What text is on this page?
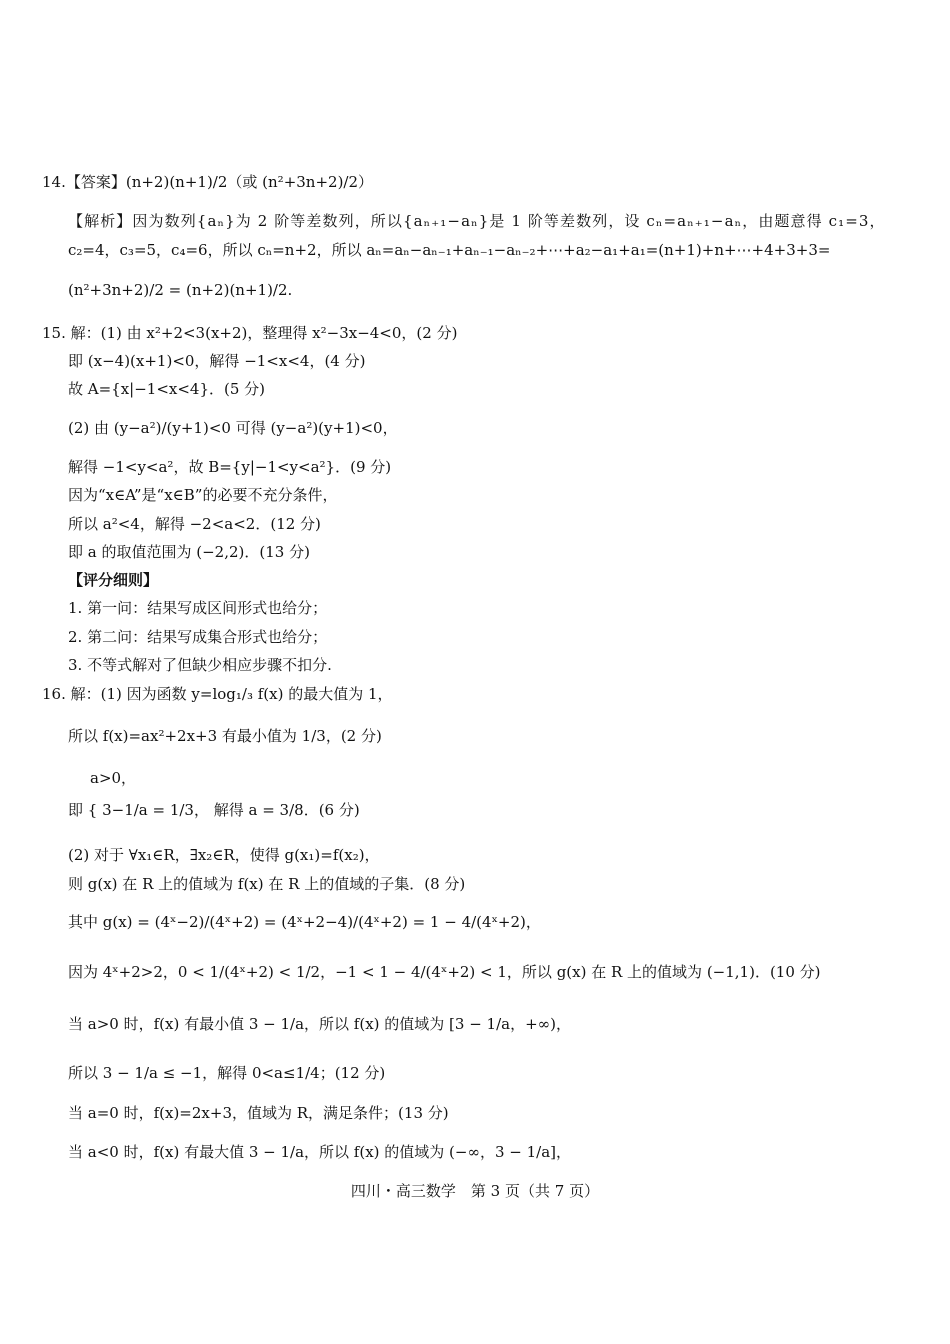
14.【答案】(n+2)(n+1)/2（或 (n²+3n+2)/2）
【解析】因为数列{aₙ}为 2 阶等差数列，所以{aₙ₊₁−aₙ}是 1 阶等差数列，设 cₙ=aₙ₊₁−aₙ，由题意得 c₁=3，
c₂=4，c₃=5，c₄=6，所以 cₙ=n+2，所以 aₙ=aₙ−aₙ₋₁+aₙ₋₁−aₙ₋₂+⋯+a₂−a₁+a₁=(n+1)+n+⋯+4+3+3=
(n²+3n+2)/2 = (n+2)(n+1)/2.
15. 解：(1) 由 x²+2<3(x+2)，整理得 x²−3x−4<0，(2 分)
即 (x−4)(x+1)<0，解得 −1<x<4，(4 分)
故 A={x|−1<x<4}．(5 分)
(2) 由 (y−a²)/(y+1)<0 可得 (y−a²)(y+1)<0，
解得 −1<y<a²，故 B={y|−1<y<a²}．(9 分)
因为“x∈A”是“x∈B”的必要不充分条件，
所以 a²<4，解得 −2<a<2．(12 分)
即 a 的取值范围为 (−2,2)．(13 分)
【评分细则】
1. 第一问：结果写成区间形式也给分；
2. 第二问：结果写成集合形式也给分；
3. 不等式解对了但缺少相应步骤不扣分.
16. 解：(1) 因为函数 y=log₁/₃ f(x) 的最大值为 1，
所以 f(x)=ax²+2x+3 有最小值为 1/3，(2 分)
a>0，
即 { 3−1/a = 1/3， 解得 a = 3/8．(6 分)
(2) 对于 ∀x₁∈R，∃x₂∈R，使得 g(x₁)=f(x₂)，
则 g(x) 在 R 上的值域为 f(x) 在 R 上的值域的子集．(8 分)
其中 g(x) = (4ˣ−2)/(4ˣ+2) = (4ˣ+2−4)/(4ˣ+2) = 1 − 4/(4ˣ+2)，
因为 4ˣ+2>2，0 < 1/(4ˣ+2) < 1/2，−1 < 1 − 4/(4ˣ+2) < 1，所以 g(x) 在 R 上的值域为 (−1,1)．(10 分)
当 a>0 时，f(x) 有最小值 3 − 1/a，所以 f(x) 的值域为 [3 − 1/a，+∞)，
所以 3 − 1/a ≤ −1，解得 0<a≤1/4；(12 分)
当 a=0 时，f(x)=2x+3，值域为 R，满足条件；(13 分)
当 a<0 时，f(x) 有最大值 3 − 1/a，所以 f(x) 的值域为 (−∞，3 − 1/a]，
四川・高三数学　第 3 页（共 7 页）
